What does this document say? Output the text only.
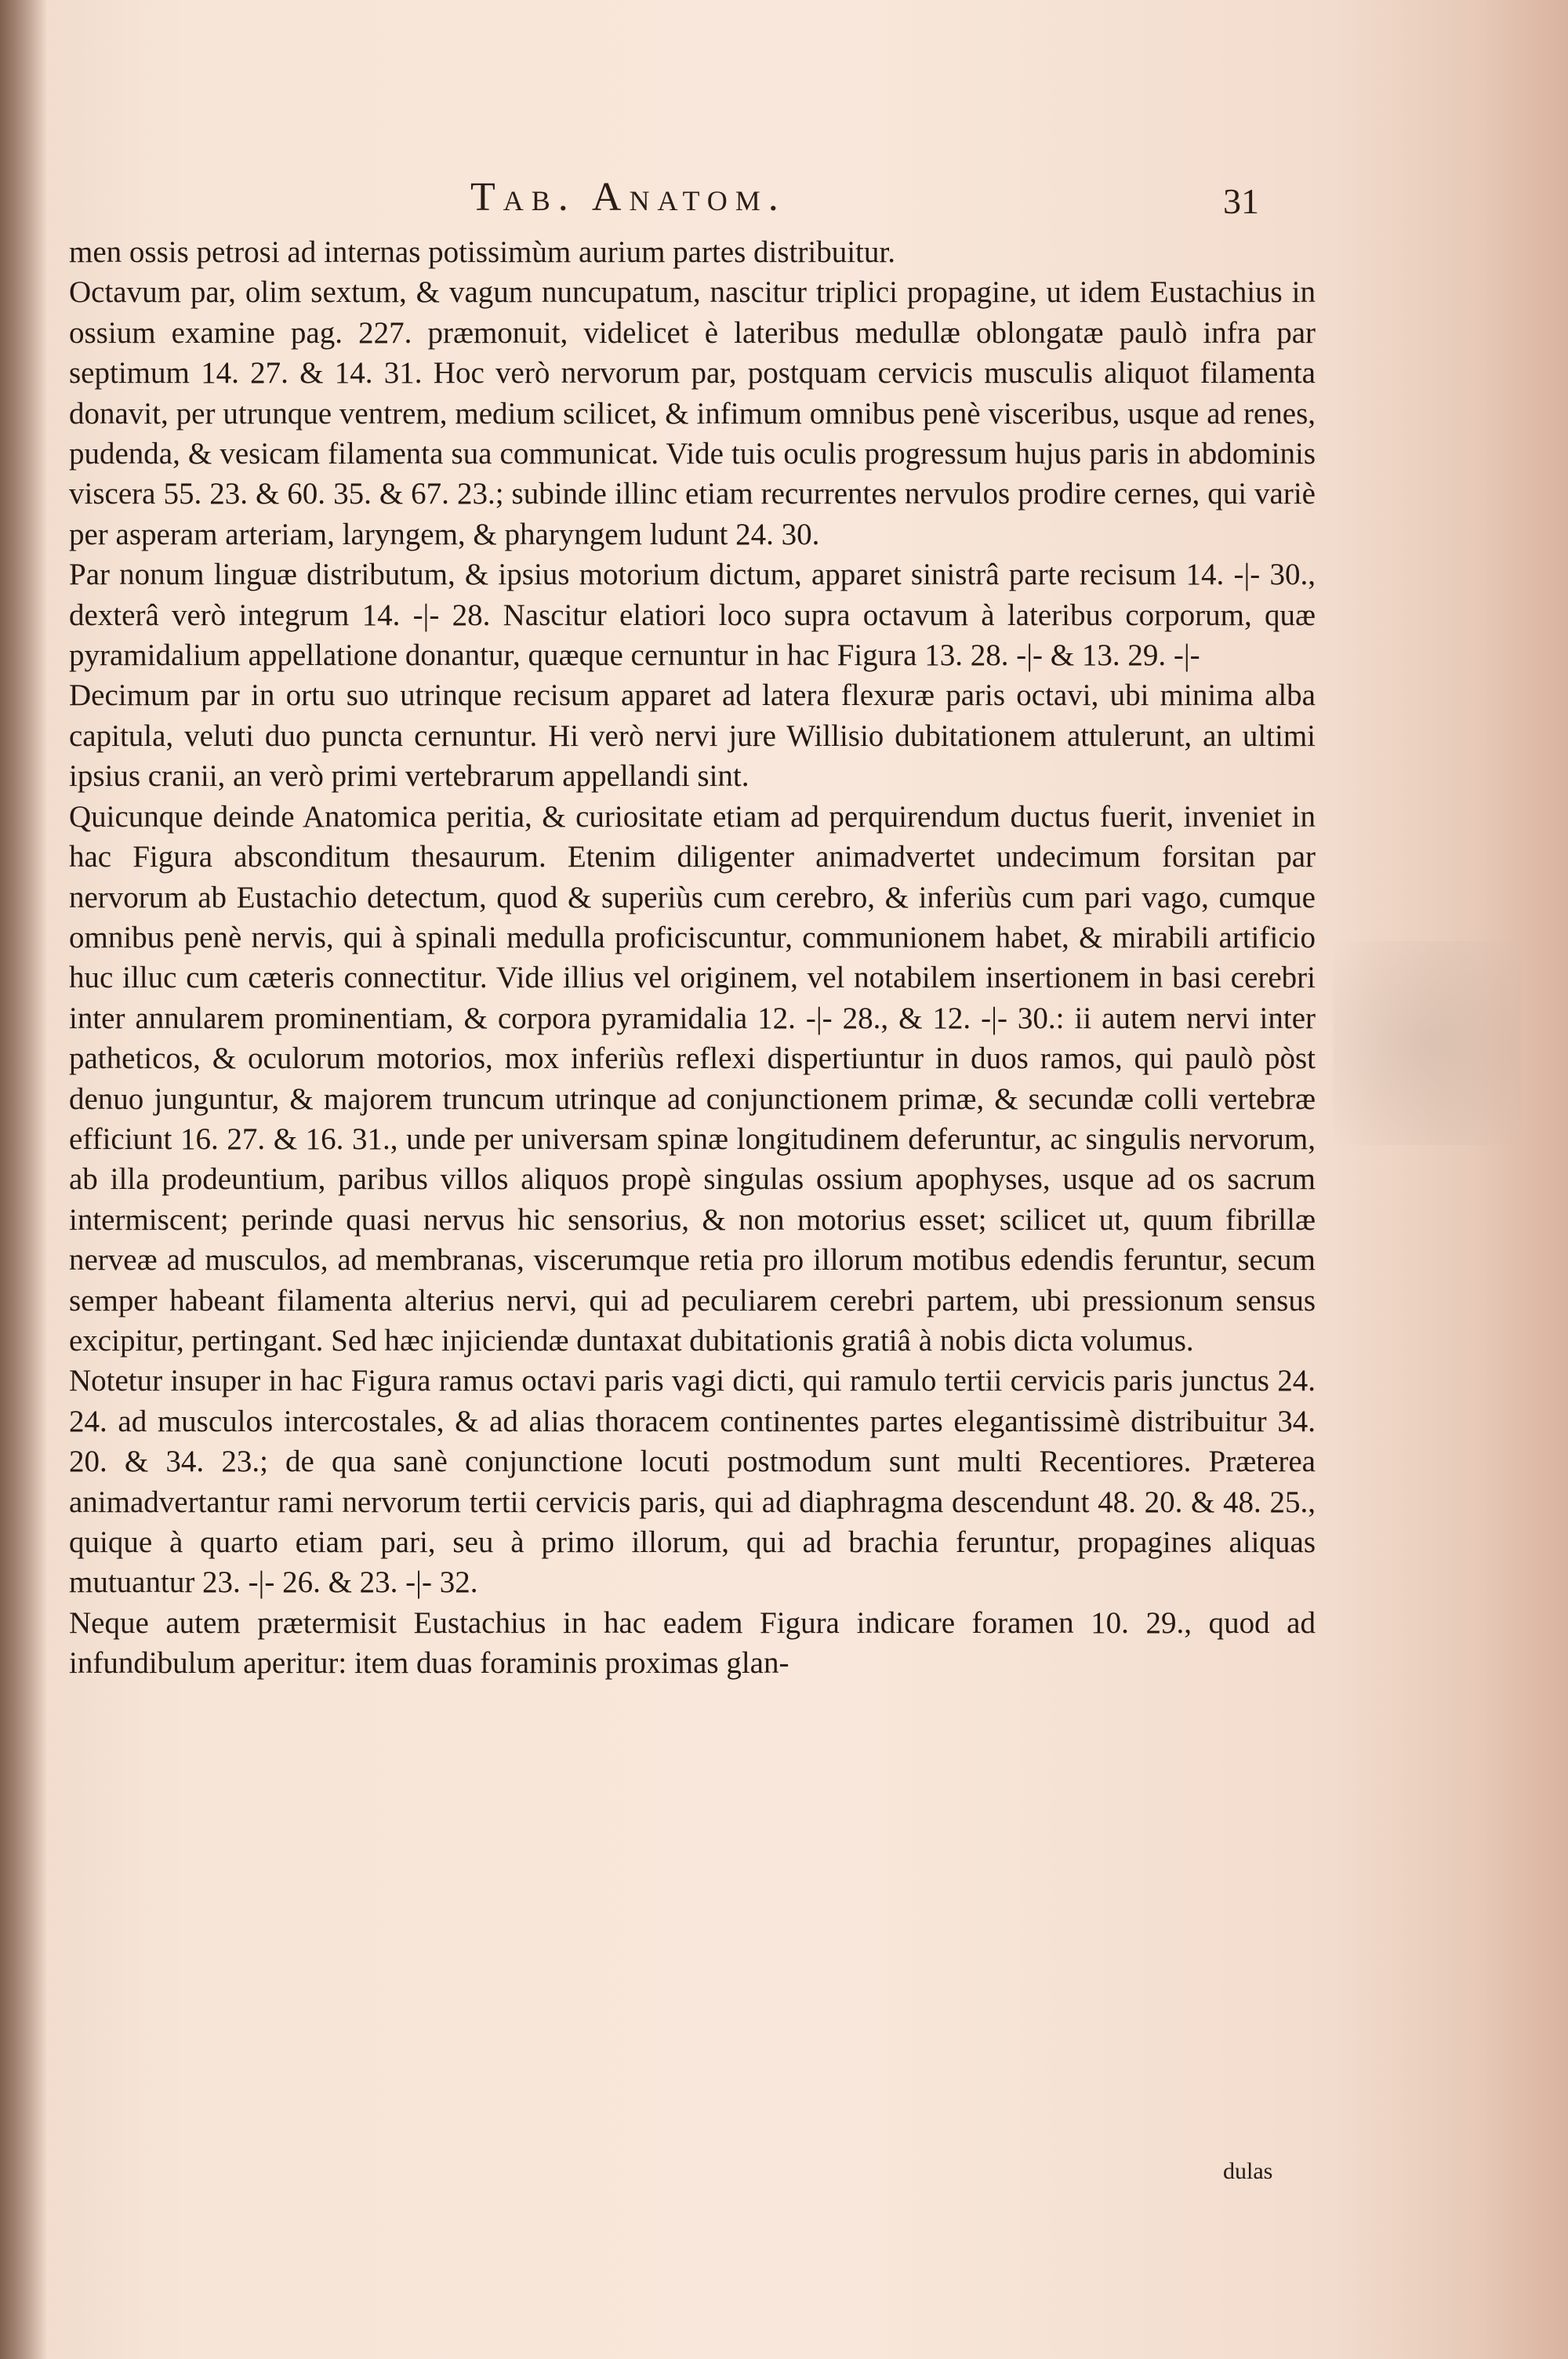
Tab. Anatom.	31

men ossis petrosi ad internas potissimùm aurium partes distribuitur.

Octavum par, olim sextum, & vagum nuncupatum, nascitur triplici propagine, ut idem Eustachius in ossium examine pag. 227. præmonuit, videlicet è lateribus medullæ oblongatæ paulò infra par septimum 14. 27. & 14. 31. Hoc verò nervorum par, postquam cervicis musculis aliquot filamenta donavit, per utrunque ventrem, medium scilicet, & infimum omnibus penè visceribus, usque ad renes, pudenda, & vesicam filamenta sua communicat. Vide tuis oculis progressum hujus paris in abdominis viscera 55. 23. & 60. 35. & 67. 23.; subinde illinc etiam recurrentes nervulos prodire cernes, qui variè per asperam arteriam, laryngem, & pharyngem ludunt 24. 30.

Par nonum linguæ distributum, & ipsius motorium dictum, apparet sinistrâ parte recisum 14. -|- 30., dexterâ verò integrum 14. -|- 28. Nascitur elatiori loco supra octavum à lateribus corporum, quæ pyramidalium appellatione donantur, quæque cernuntur in hac Figura 13. 28. -|- & 13. 29. -|-

Decimum par in ortu suo utrinque recisum apparet ad latera flexuræ paris octavi, ubi minima alba capitula, veluti duo puncta cernuntur. Hi verò nervi jure Willisio dubitationem attulerunt, an ultimi ipsius cranii, an verò primi vertebrarum appellandi sint.

Quicunque deinde Anatomica peritia, & curiositate etiam ad perquirendum ductus fuerit, inveniet in hac Figura absconditum thesaurum. Etenim diligenter animadvertet undecimum forsitan par nervorum ab Eustachio detectum, quod & superiùs cum cerebro, & inferiùs cum pari vago, cumque omnibus penè nervis, qui à spinali medulla proficiscuntur, communionem habet, & mirabili artificio huc illuc cum cæteris connectitur. Vide illius vel originem, vel notabilem insertionem in basi cerebri inter annularem prominentiam, & corpora pyramidalia 12. -|- 28., & 12. -|- 30.: ii autem nervi inter patheticos, & oculorum motorios, mox inferiùs reflexi dispertiuntur in duos ramos, qui paulò pòst denuo junguntur, & majorem truncum utrinque ad conjunctionem primæ, & secundæ colli vertebræ efficiunt 16. 27. & 16. 31., unde per universam spinæ longitudinem deferuntur, ac singulis nervorum, ab illa prodeuntium, paribus villos aliquos propè singulas ossium apophyses, usque ad os sacrum intermiscent; perinde quasi nervus hic sensorius, & non motorius esset; scilicet ut, quum fibrillæ nerveæ ad musculos, ad membranas, viscerumque retia pro illorum motibus edendis feruntur, secum semper habeant filamenta alterius nervi, qui ad peculiarem cerebri partem, ubi pressionum sensus excipitur, pertingant. Sed hæc injiciendæ duntaxat dubitationis gratiâ à nobis dicta volumus.

Notetur insuper in hac Figura ramus octavi paris vagi dicti, qui ramulo tertii cervicis paris junctus 24. 24. ad musculos intercostales, & ad alias thoracem continentes partes elegantissimè distribuitur 34. 20. & 34. 23.; de qua sanè conjunctione locuti postmodum sunt multi Recentiores. Præterea animadvertantur rami nervorum tertii cervicis paris, qui ad diaphragma descendunt 48. 20. & 48. 25., quique à quarto etiam pari, seu à primo illorum, qui ad brachia feruntur, propagines aliquas mutuantur 23. -|- 26. & 23. -|- 32.

Neque autem prætermisit Eustachius in hac eadem Figura indicare foramen 10. 29., quod ad infundibulum aperitur: item duas foraminis proximas glan-

dulas
